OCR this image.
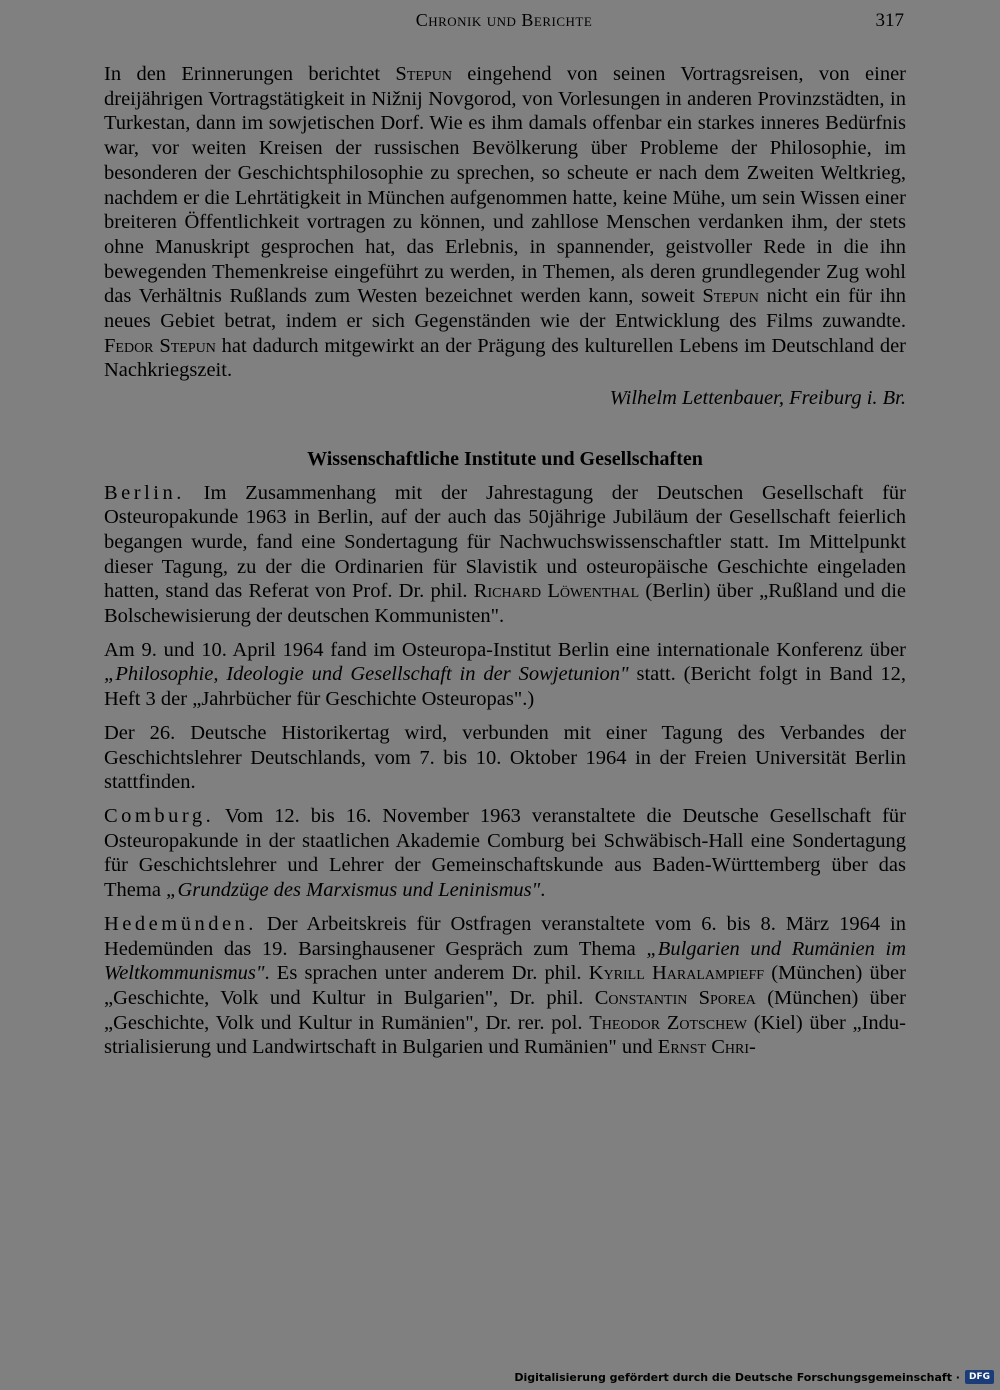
Chronik und Berichte	317

In den Erinnerungen berichtet Stepun eingehend von seinen Vortragsreisen, von einer dreijährigen Vortragstätigkeit in Nižnij Novgorod, von Vorlesungen in anderen Provinzstädten, in Turkestan, dann im sowjetischen Dorf. Wie es ihm damals offenbar ein starkes inneres Bedürfnis war, vor weiten Kreisen der russischen Bevölkerung über Probleme der Philosophie, im besonderen der Geschichtsphilosophie zu sprechen, so scheute er nach dem Zweiten Weltkrieg, nachdem er die Lehrtätigkeit in München aufgenommen hatte, keine Mühe, um sein Wissen einer breiteren Öffentlichkeit vortragen zu können, und zahllose Menschen verdanken ihm, der stets ohne Manuskript gesprochen hat, das Erlebnis, in spannender, geistvoller Rede in die ihn bewegenden Themenkreise eingeführt zu werden, in Themen, als deren grundlegender Zug wohl das Verhältnis Rußlands zum Westen bezeichnet werden kann, soweit Stepun nicht ein für ihn neues Gebiet betrat, indem er sich Gegenständen wie der Entwicklung des Films zuwandte. Fedor Stepun hat dadurch mitgewirkt an der Prägung des kulturellen Lebens im Deutschland der Nachkriegszeit.

Wilhelm Lettenbauer, Freiburg i. Br.

Wissenschaftliche Institute und Gesellschaften

Berlin. Im Zusammenhang mit der Jahrestagung der Deutschen Gesellschaft für Osteuropakunde 1963 in Berlin, auf der auch das 50jährige Jubiläum der Gesellschaft feierlich begangen wurde, fand eine Sondertagung für Nachwuchswissenschaftler statt. Im Mittelpunkt dieser Tagung, zu der die Ordinarien für Slavistik und osteuropäische Geschichte eingeladen hatten, stand das Referat von Prof. Dr. phil. Richard Löwenthal (Berlin) über „Rußland und die Bolschewisierung der deutschen Kommunisten".

Am 9. und 10. April 1964 fand im Osteuropa-Institut Berlin eine internationale Konferenz über „Philosophie, Ideologie und Gesellschaft in der Sowjetunion" statt. (Bericht folgt in Band 12, Heft 3 der „Jahrbücher für Geschichte Osteuropas".)

Der 26. Deutsche Historikertag wird, verbunden mit einer Tagung des Verbandes der Geschichtslehrer Deutschlands, vom 7. bis 10. Oktober 1964 in der Freien Universität Berlin stattfinden.

Comburg. Vom 12. bis 16. November 1963 veranstaltete die Deutsche Gesellschaft für Osteuropakunde in der staatlichen Akademie Comburg bei Schwäbisch-Hall eine Sondertagung für Geschichtslehrer und Lehrer der Gemeinschaftskunde aus Baden-Württemberg über das Thema „Grundzüge des Marxismus und Leninismus".

Hedemünden. Der Arbeitskreis für Ostfragen veranstaltete vom 6. bis 8. März 1964 in Hedemünden das 19. Barsinghausener Gespräch zum Thema „Bulgarien und Rumänien im Weltkommunismus". Es sprachen unter anderem Dr. phil. Kyrill Haralampieff (München) über „Geschichte, Volk und Kultur in Bulgarien", Dr. phil. Constantin Sporea (München) über „Geschichte, Volk und Kultur in Rumänien", Dr. rer. pol. Theodor Zotschew (Kiel) über „Industrialisierung und Landwirtschaft in Bulgarien und Rumänien" und Ernst Chri-

Digitalisierung gefördert durch die Deutsche Forschungsgemeinschaft ·	DFG
